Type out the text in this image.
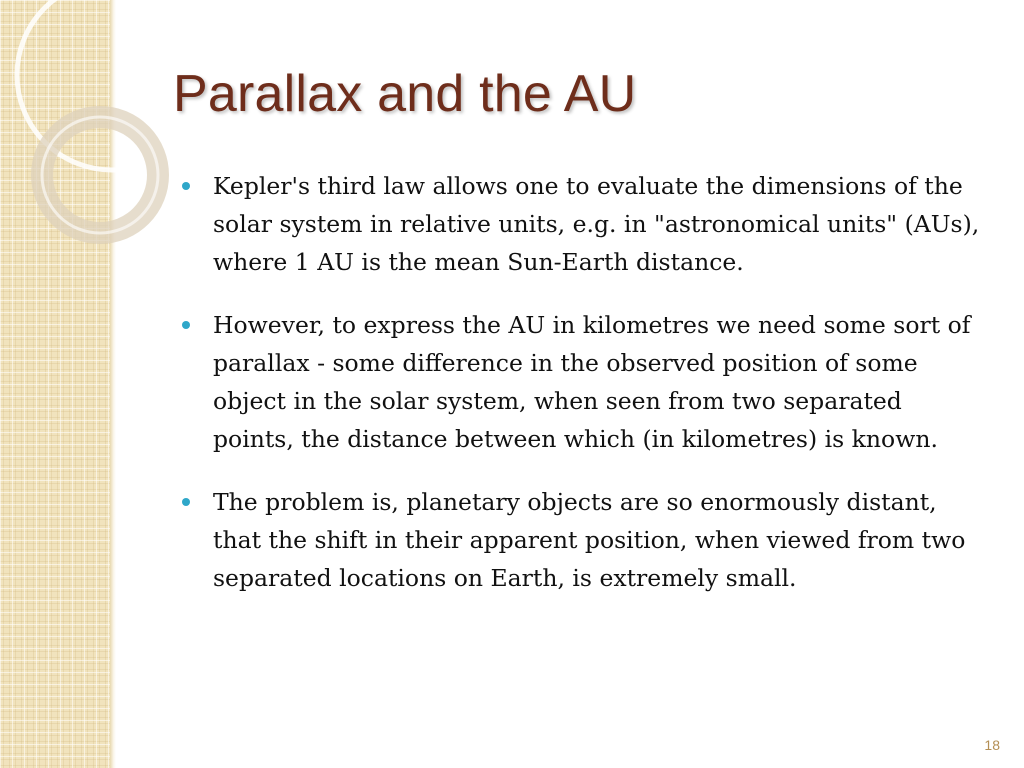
Parallax and the AU
Kepler's third law allows one to evaluate the dimensions of the solar system in relative units, e.g. in "astronomical units" (AUs), where 1 AU is the mean Sun-Earth distance.
However, to express the AU in kilometres we need some sort of parallax - some difference in the observed position of some object in the solar system, when seen from two separated points, the distance between which (in kilometres) is known.
The problem is, planetary objects are so enormously distant, that the shift in their apparent position, when viewed from two separated locations on Earth, is extremely small.
18
